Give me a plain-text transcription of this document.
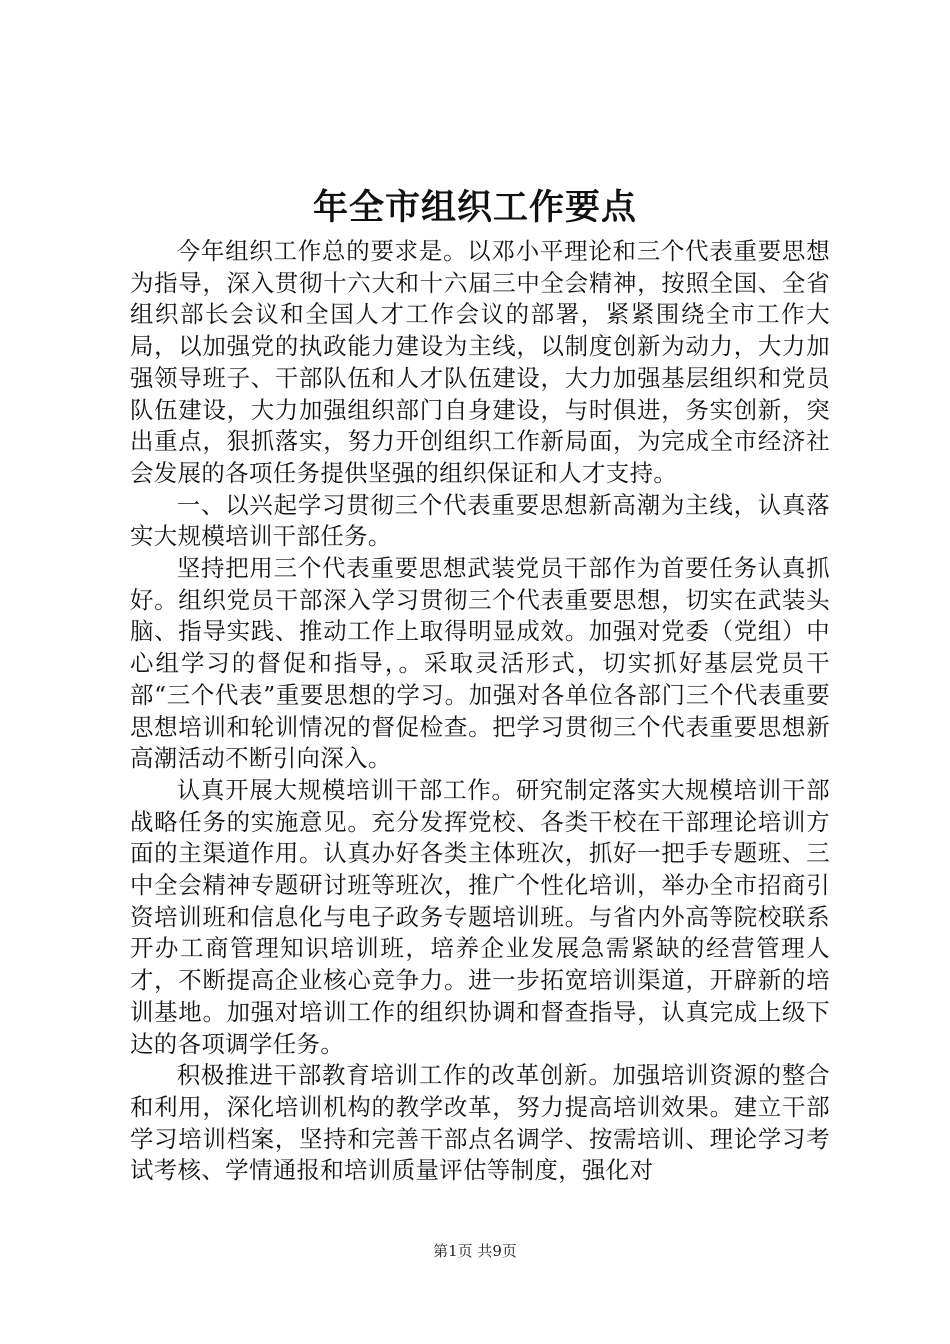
年全市组织工作要点

今年组织工作总的要求是。以邓小平理论和三个代表重要思想为指导，深入贯彻十六大和十六届三中全会精神，按照全国、全省组织部长会议和全国人才工作会议的部署，紧紧围绕全市工作大局，以加强党的执政能力建设为主线，以制度创新为动力，大力加强领导班子、干部队伍和人才队伍建设，大力加强基层组织和党员队伍建设，大力加强组织部门自身建设，与时俱进，务实创新，突出重点，狠抓落实，努力开创组织工作新局面，为完成全市经济社会发展的各项任务提供坚强的组织保证和人才支持。

一、以兴起学习贯彻三个代表重要思想新高潮为主线，认真落实大规模培训干部任务。

坚持把用三个代表重要思想武装党员干部作为首要任务认真抓好。组织党员干部深入学习贯彻三个代表重要思想，切实在武装头脑、指导实践、推动工作上取得明显成效。加强对党委（党组）中心组学习的督促和指导，。采取灵活形式，切实抓好基层党员干部“三个代表”重要思想的学习。加强对各单位各部门三个代表重要思想培训和轮训情况的督促检查。把学习贯彻三个代表重要思想新高潮活动不断引向深入。

认真开展大规模培训干部工作。研究制定落实大规模培训干部战略任务的实施意见。充分发挥党校、各类干校在干部理论培训方面的主渠道作用。认真办好各类主体班次，抓好一把手专题班、三中全会精神专题研讨班等班次，推广个性化培训，举办全市招商引资培训班和信息化与电子政务专题培训班。与省内外高等院校联系开办工商管理知识培训班，培养企业发展急需紧缺的经营管理人才，不断提高企业核心竞争力。进一步拓宽培训渠道，开辟新的培训基地。加强对培训工作的组织协调和督查指导，认真完成上级下达的各项调学任务。

积极推进干部教育培训工作的改革创新。加强培训资源的整合和利用，深化培训机构的教学改革，努力提高培训效果。建立干部学习培训档案，坚持和完善干部点名调学、按需培训、理论学习考试考核、学情通报和培训质量评估等制度，强化对

第1页 共9页
